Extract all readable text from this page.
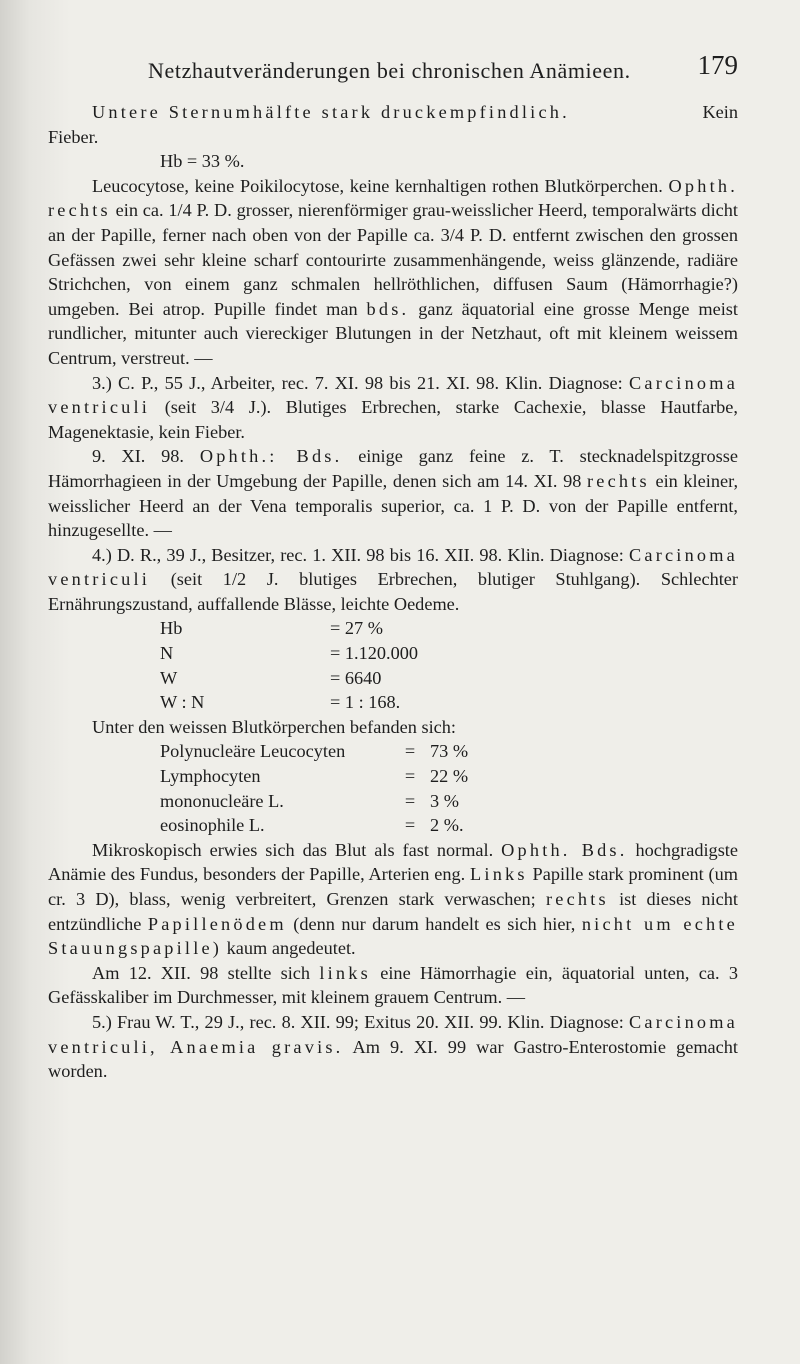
Netzhautveränderungen bei chronischen Anämieen. 179
Untere Sternumhälfte stark druckempfindlich.	Kein
Fieber.
Hb = 33 %.
Leucocytose, keine Poikilocytose, keine kernhaltigen rothen Blutkörperchen. Ophth. rechts ein ca. 1/4 P. D. grosser, nierenförmiger grau-weisslicher Heerd, temporalwärts dicht an der Papille, ferner nach oben von der Papille ca. 3/4 P. D. entfernt zwischen den grossen Gefässen zwei sehr kleine scharf contourirte zusammenhängende, weiss glänzende, radiäre Strichchen, von einem ganz schmalen hellröthlichen, diffusen Saum (Hämorrhagie?) umgeben. Bei atrop. Pupille findet man bds. ganz äquatorial eine grosse Menge meist rundlicher, mitunter auch viereckiger Blutungen in der Netzhaut, oft mit kleinem weissem Centrum, verstreut. —
3.) C. P., 55 J., Arbeiter, rec. 7. XI. 98 bis 21. XI. 98. Klin. Diagnose: Carcinoma ventriculi (seit 3/4 J.). Blutiges Erbrechen, starke Cachexie, blasse Hautfarbe, Magenektasie, kein Fieber.
9. XI. 98. Ophth.: Bds. einige ganz feine z. T. stecknadelspitzgrosse Hämorrhagieen in der Umgebung der Papille, denen sich am 14. XI. 98 rechts ein kleiner, weisslicher Heerd an der Vena temporalis superior, ca. 1 P. D. von der Papille entfernt, hinzugesellte. —
4.) D. R., 39 J., Besitzer, rec. 1. XII. 98 bis 16. XII. 98. Klin. Diagnose: Carcinoma ventriculi (seit 1/2 J. blutiges Erbrechen, blutiger Stuhlgang). Schlechter Ernährungszustand, auffallende Blässe, leichte Oedeme.
Hb	= 27 %
N	= 1.120.000
W	= 6640
W : N	= 1 : 168.
Unter den weissen Blutkörperchen befanden sich:
Polynucleäre Leucocyten	= 73 %
Lymphocyten	= 22 %
mononucleäre L.	= 3 %
eosinophile L.	= 2 %.
Mikroskopisch erwies sich das Blut als fast normal. Ophth. Bds. hochgradigste Anämie des Fundus, besonders der Papille, Arterien eng. Links Papille stark prominent (um cr. 3 D), blass, wenig verbreitert, Grenzen stark verwaschen; rechts ist dieses nicht entzündliche Papillenödem (denn nur darum handelt es sich hier, nicht um echte Stauungspapille) kaum angedeutet.
Am 12. XII. 98 stellte sich links eine Hämorrhagie ein, äquatorial unten, ca. 3 Gefässkaliber im Durchmesser, mit kleinem grauem Centrum. —
5.) Frau W. T., 29 J., rec. 8. XII. 99; Exitus 20. XII. 99. Klin. Diagnose: Carcinoma ventriculi, Anaemia gravis. Am 9. XI. 99 war Gastro-Enterostomie gemacht worden.
